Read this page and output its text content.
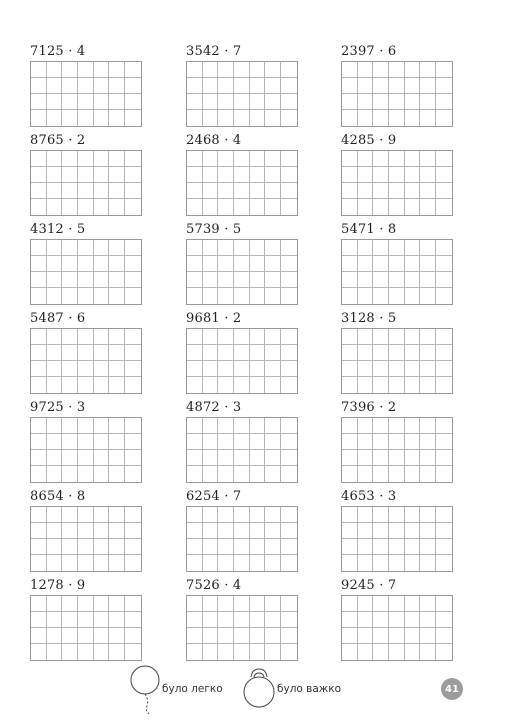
7125 · 4	3542 · 7	2397 · 6
8765 · 2	2468 · 4	4285 · 9
4312 · 5	5739 · 5	5471 · 8
5487 · 6	9681 · 2	3128 · 5
9725 · 3	4872 · 3	7396 · 2
8654 · 8	6254 · 7	4653 · 3
1278 · 9	7526 · 4	9245 · 7
було легко	було важко	41
